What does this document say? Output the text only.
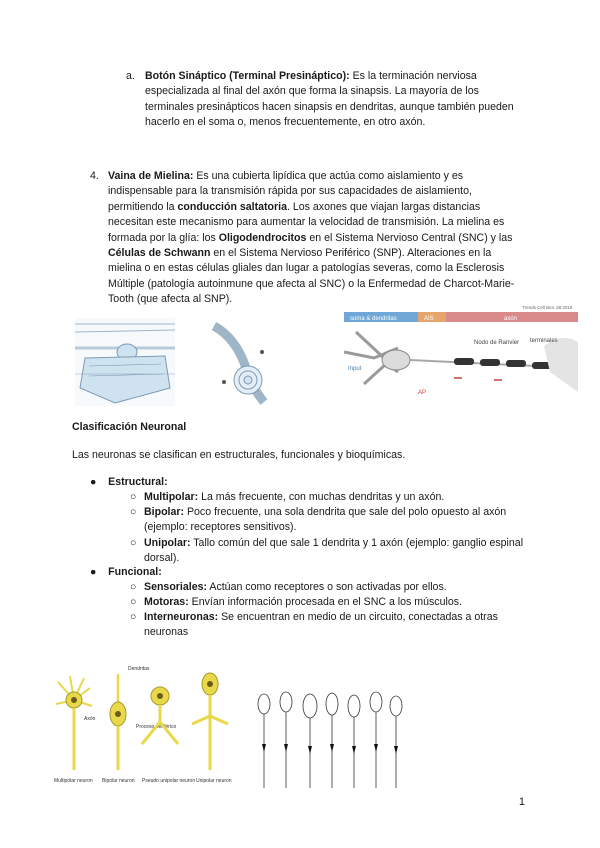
a. Botón Sináptico (Terminal Presináptico): Es la terminación nerviosa especializada al final del axón que forma la sinapsis. La mayoría de los terminales presinápticos hacen sinapsis en dendritas, aunque también pueden hacerlo en el soma o, menos frecuentemente, en otro axón.
4. Vaina de Mielina: Es una cubierta lipídica que actúa como aislamiento y es indispensable para la transmisión rápida por sus capacidades de aislamiento, permitiendo la conducción saltatoria. Los axones que viajan largas distancias necesitan este mecanismo para aumentar la velocidad de transmisión. La mielina es formada por la glía: los Oligodendrocitos en el Sistema Nervioso Central (SNC) y las Células de Schwann en el Sistema Nervioso Periférico (SNP). Alteraciones en la mielina o en estas células gliales dan lugar a patologías severas, como la Esclerosis Múltiple (patología autoinmune que afecta al SNC) o la Enfermedad de Charcot-Marie-Tooth (que afecta al SNP).
Trends Cell Biol. 28:2018
soma & dendritas	AIS	axón
Input
Nodo de Ranvier terminales
AP
Clasificación Neuronal
Las neuronas se clasifican en estructurales, funcionales y bioquímicas.
●    Estructural:
○ Multipolar: La más frecuente, con muchas dendritas y un axón.
○ Bipolar: Poco frecuente, una sola dendrita que sale del polo opuesto al axón (ejemplo: receptores sensitivos).
○ Unipolar: Tallo común del que sale 1 dendrita y 1 axón (ejemplo: ganglio espinal dorsal).
●    Funcional:
○ Sensoriales: Actúan como receptores o son activadas por ellos.
○ Motoras: Envían información procesada en el SNC a los músculos.
○ Interneuronas: Se encuentran en medio de un circuito, conectadas a otras neuronas
Dendritas
Axón
Proceso periférico
Multipolar neuron Bipolar neuron Pseudo unipolar neuron Unipolar neuron
1
